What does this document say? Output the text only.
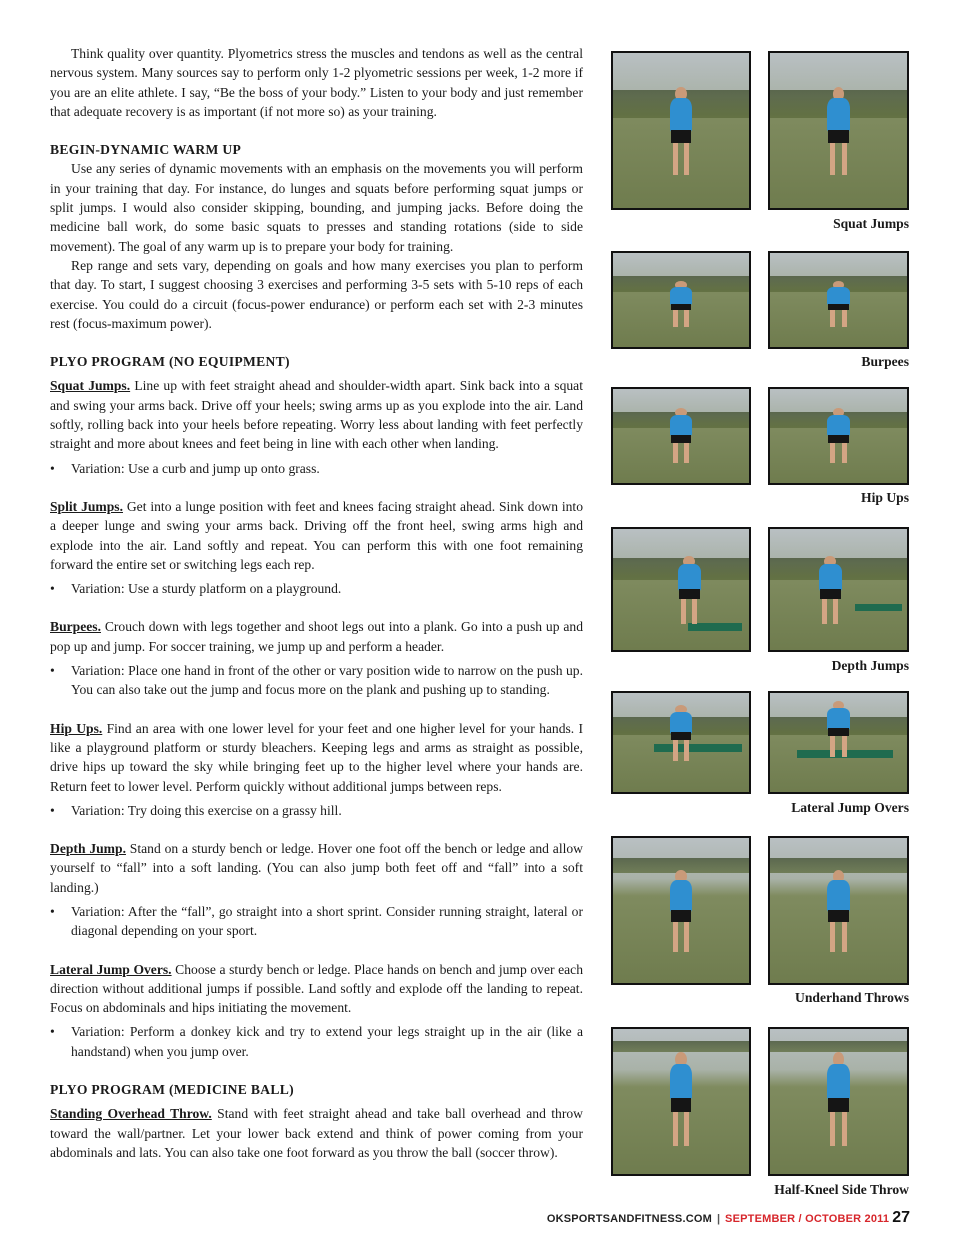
Think quality over quantity. Plyometrics stress the muscles and tendons as well as the central nervous system. Many sources say to perform only 1-2 plyometric sessions per week, 1-2 more if you are an elite athlete. I say, “Be the boss of your body.” Listen to your body and just remember that adequate recovery is as important (if not more so) as your training.

BEGIN-DYNAMIC WARM UP

Use any series of dynamic movements with an emphasis on the movements you will perform in your training that day. For instance, do lunges and squats before performing squat jumps or split jumps. I would also consider skipping, bounding, and jumping jacks. Before doing the medicine ball work, do some basic squats to presses and standing rotations (side to side movement). The goal of any warm up is to prepare your body for training.

Rep range and sets vary, depending on goals and how many exercises you plan to perform that day. To start, I suggest choosing 3 exercises and performing 3-5 sets with 5-10 reps of each exercise. You could do a circuit (focus-power endurance) or perform each set with 2-3 minutes rest (focus-maximum power).

PLYO PROGRAM (NO EQUIPMENT)

Squat Jumps. Line up with feet straight ahead and shoulder-width apart. Sink back into a squat and swing your arms back. Drive off your heels; swing arms up as you explode into the air. Land softly, rolling back into your heels before repeating. Worry less about landing with feet perfectly straight and more about knees and feet being in line with each other when landing.

• Variation: Use a curb and jump up onto grass.

Split Jumps. Get into a lunge position with feet and knees facing straight ahead. Sink down into a deeper lunge and swing your arms back. Driving off the front heel, swing arms high and explode into the air. Land softly and repeat. You can perform this with one foot remaining forward the entire set or switching legs each rep.

• Variation: Use a sturdy platform on a playground.

Burpees. Crouch down with legs together and shoot legs out into a plank. Go into a push up and pop up and jump. For soccer training, we jump up and perform a header.

• Variation: Place one hand in front of the other or vary position wide to narrow on the push up. You can also take out the jump and focus more on the plank and pushing up to standing.

Hip Ups. Find an area with one lower level for your feet and one higher level for your hands. I like a playground platform or sturdy bleachers. Keeping legs and arms as straight as possible, drive hips up toward the sky while bringing feet up to the higher level where your hands are. Return feet to lower level. Perform quickly without additional jumps between reps.

• Variation: Try doing this exercise on a grassy hill.

Depth Jump. Stand on a sturdy bench or ledge. Hover one foot off the bench or ledge and allow yourself to “fall” into a soft landing. (You can also jump both feet off and “fall” into a soft landing.)

• Variation: After the “fall”, go straight into a short sprint. Consider running straight, lateral or diagonal depending on your sport.

Lateral Jump Overs. Choose a sturdy bench or ledge. Place hands on bench and jump over each direction without additional jumps if possible. Land softly and explode off the landing to repeat. Focus on abdominals and hips initiating the movement.

• Variation: Perform a donkey kick and try to extend your legs straight up in the air (like a handstand) when you jump over.

PLYO PROGRAM (MEDICINE BALL)

Standing Overhead Throw. Stand with feet straight ahead and take ball overhead and throw toward the wall/partner. Let your lower back extend and think of power coming from your abdominals and lats. You can also take one foot forward as you throw the ball (soccer throw).

Squat Jumps
Burpees
Hip Ups
Depth Jumps
Lateral Jump Overs
Underhand Throws
Half-Kneel Side Throw
OKSPORTSANDFITNESS.COM | SEPTEMBER / OCTOBER 2011 27
